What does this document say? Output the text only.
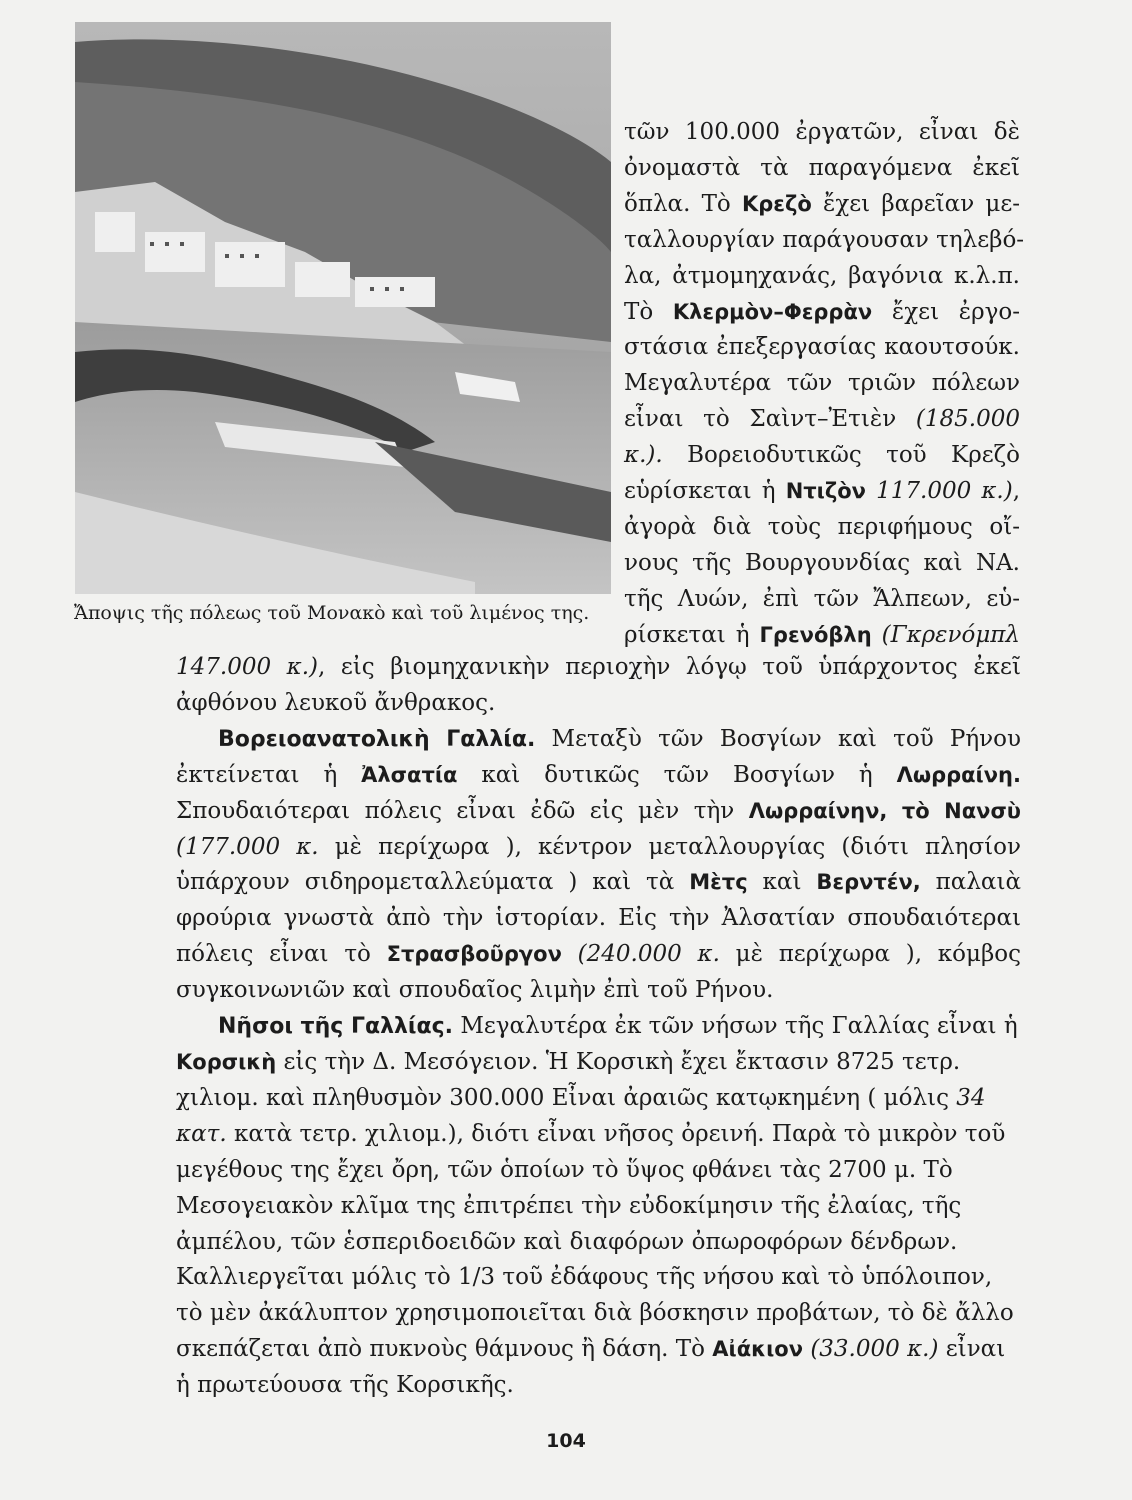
Ἄποψις τῆς πόλεως τοῦ Μονακὸ καὶ τοῦ λιμένος της.
τῶν 100.000 ἐργατῶν, εἶναι δὲ
ὀνομαστὰ τὰ παραγόμενα ἐκεῖ
ὅπλα. Τὸ Κρεζὸ ἔχει βαρεῖαν με-
ταλλουργίαν παράγουσαν τηλεβό-
λα, ἀτμομηχανάς, βαγόνια κ.λ.π.
Τὸ Κλερμὸν–Φερρὰν ἔχει ἐργο-
στάσια ἐπεξεργασίας καουτσούκ.
Μεγαλυτέρα τῶν τριῶν πόλεων
εἶναι τὸ Σαὶντ–Ἐτιὲν (185.000
κ.). Βορειοδυτικῶς τοῦ Κρεζὸ
εὑρίσκεται ἡ Ντιζὸν 117.000 κ.),
ἀγορὰ διὰ τοὺς περιφήμους οἴ-
νους τῆς Βουργουνδίας καὶ ΝΑ.
τῆς Λυών, ἐπὶ τῶν Ἄλπεων, εὑ-
ρίσκεται ἡ Γρενόβλη (Γκρενόμπλ

147.000 κ.), εἰς βιομηχανικὴν περιοχὴν λόγῳ τοῦ ὑπάρχοντος ἐκεῖ ἀφθόνου λευκοῦ ἄνθρακος.

Βορειοανατολικὴ Γαλλία. Μεταξὺ τῶν Βοσγίων καὶ τοῦ Ρήνου ἐκτείνεται ἡ Ἀλσατία καὶ δυτικῶς τῶν Βοσγίων ἡ Λωρραίνη. Σπουδαιότεραι πόλεις εἶναι ἐδῶ εἰς μὲν τὴν Λωρραίνην, τὸ Νανσὺ (177.000 κ. μὲ περίχωρα ), κέντρον μεταλλουργίας (διότι πλησίον ὑπάρχουν σιδηρομεταλλεύματα ) καὶ τὰ Μὲτς καὶ Βερντέν, παλαιὰ φρούρια γνωστὰ ἀπὸ τὴν ἱστορίαν. Εἰς τὴν Ἀλσατίαν σπουδαιότεραι πόλεις εἶναι τὸ Στρασβοῦργον (240.000 κ. μὲ περίχωρα ), κόμβος συγκοινωνιῶν καὶ σπουδαῖος λιμὴν ἐπὶ τοῦ Ρήνου.

Νῆσοι τῆς Γαλλίας. Μεγαλυτέρα ἐκ τῶν νήσων τῆς Γαλλίας εἶναι ἡ Κορσικὴ εἰς τὴν Δ. Μεσόγειον. Ἡ Κορσικὴ ἔχει ἔκτασιν 8725 τετρ. χιλιομ. καὶ πληθυσμὸν 300.000 Εἶναι ἀραιῶς κατῳκημένη ( μόλις 34 κατ. κατὰ τετρ. χιλιομ.), διότι εἶναι νῆσος ὀρεινή. Παρὰ τὸ μικρὸν τοῦ μεγέθους της ἔχει ὄρη, τῶν ὁποίων τὸ ὕψος φθάνει τὰς 2700 μ. Τὸ Μεσογειακὸν κλῖμα της ἐπιτρέπει τὴν εὐδοκίμησιν τῆς ἐλαίας, τῆς ἀμπέλου, τῶν ἑσπεριδοειδῶν καὶ διαφόρων ὀπωροφόρων δένδρων. Καλλιεργεῖται μόλις τὸ 1/3 τοῦ ἐδάφους τῆς νήσου καὶ τὸ ὑπόλοιπον, τὸ μὲν ἀκάλυπτον χρησιμοποιεῖται διὰ βόσκησιν προβάτων, τὸ δὲ ἄλλο σκεπάζεται ἀπὸ πυκνοὺς θάμνους ἢ δάση. Τὸ Αἰάκιον (33.000 κ.) εἶναι ἡ πρωτεύουσα τῆς Κορσικῆς.

104
